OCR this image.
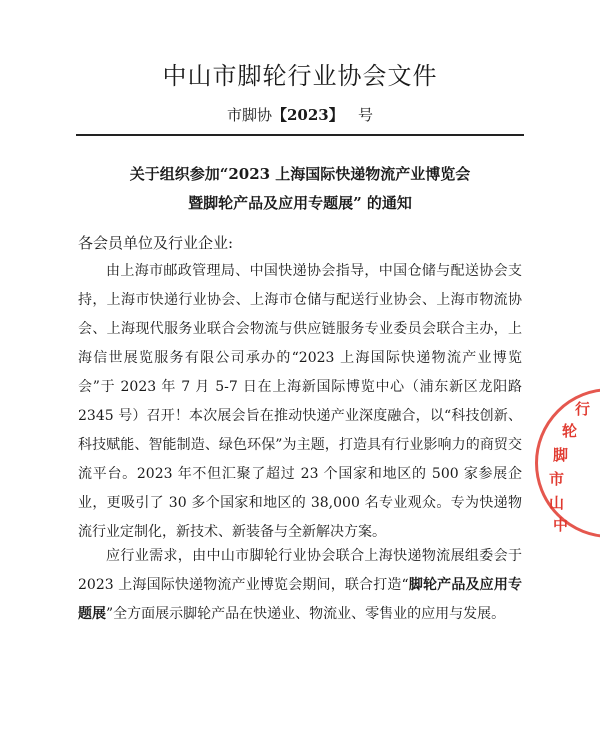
中山市脚轮行业协会文件
市脚协【2023】 号
关于组织参加“2023 上海国际快递物流产业博览会
暨脚轮产品及应用专题展” 的通知
各会员单位及行业企业:
由上海市邮政管理局、中国快递协会指导，中国仓储与配送协会支持，上海市快递行业协会、上海市仓储与配送行业协会、上海市物流协会、上海现代服务业联合会物流与供应链服务专业委员会联合主办，上海信世展览服务有限公司承办的“2023 上海国际快递物流产业博览会”于 2023 年 7 月 5-7 日在上海新国际博览中心（浦东新区龙阳路 2345 号）召开！本次展会旨在推动快递产业深度融合，以“科技创新、科技赋能、智能制造、绿色环保”为主题，打造具有行业影响力的商贸交流平台。2023 年不但汇聚了超过 23 个国家和地区的 500 家参展企业，更吸引了 30 多个国家和地区的 38,000 名专业观众。专为快递物流行业定制化，新技术、新装备与全新解决方案。
应行业需求，由中山市脚轮行业协会联合上海快递物流展组委会于 2023 上海国际快递物流产业博览会期间，联合打造“脚轮产品及应用专题展”全方面展示脚轮产品在快递业、物流业、零售业的应用与发展。
中
山
市
脚
轮
行
